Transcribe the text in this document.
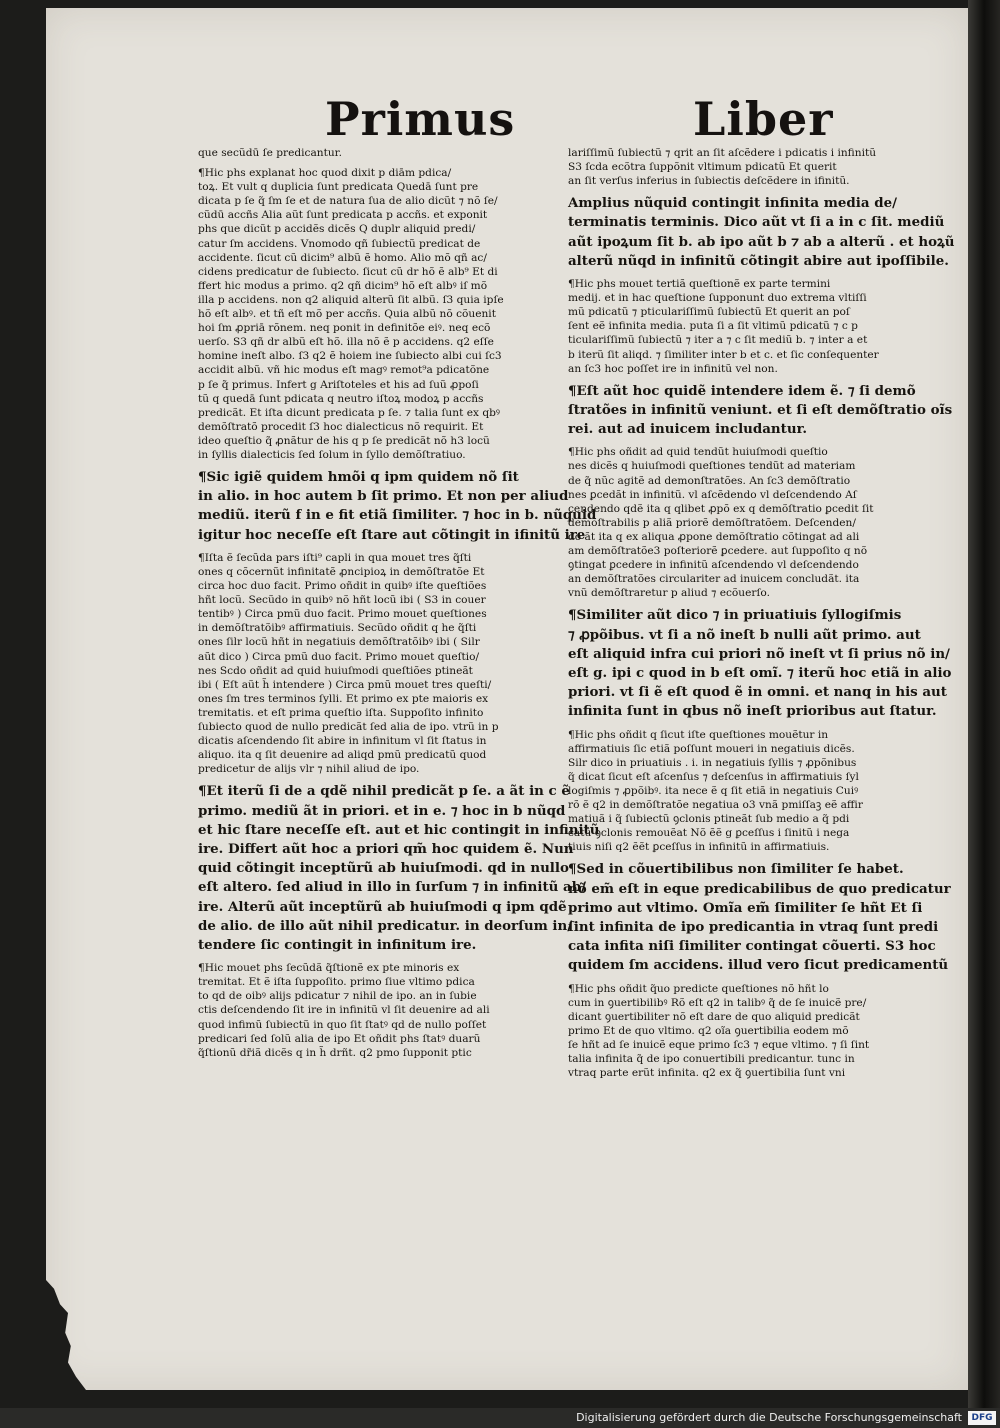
Primus	Liber
que secũdū ſe predicantur.
¶Hic phs explanat hoc quod dixit p diām pdica/
toꝝ. Et vult q duplicia ſunt predicata Quedā ſunt pre
dicata p ſe q̃ ſm ſe et de natura ſua de alio dicũt ⁊ nõ ſe/
cũdū accñs Alia aũt ſunt predicata p accñs. et exponit
phs que dicũt p accidẽs dicẽs Q duplr aliquid predi/
catur ſm accidens. Vnomodo qñ ſubiectũ predicat de
accidente. ſicut cũ dicim⁹ albũ ẽ homo. Alio mõ qñ ac/
cidens predicatur de ſubiecto. ſicut cũ dr hõ ẽ alb⁹ Et di
ffert hic modus a primo. q2 qñ dicim⁹ hõ eſt albꝰ iſ mõ
illa p accidens. non q2 aliquid alterũ ſit albũ. ſ3 quia ipſe
hõ eſt albꝰ. et tñ eſt mõ per accñs. Quia albũ nõ cõuenit
hoi ſm ꝓpriā rõnem. neq ponit in definitõe eiꝰ. neq ecõ
uerſo. S3 qñ dr albũ eſt hõ. illa nõ ẽ p accidens. q2 eſſe
homine ineſt albo. ſ3 q2 ẽ hoiem ine ſubiecto albi cui ſc3
accidit albũ. vñ hic modus eſt magꝰ remot⁹a pdicatõne
p ſe q̃ primus. Infert g Ariſtoteles et his ad ſuũ ꝓpoſi
tũ q quedā ſunt pdicata q neutro iſtoꝝ modoꝝ p accñs
predicãt. Et iſta dicunt predicata p ſe. ⁊ talia ſunt ex qbꝰ
demõſtratõ procedit ſ3 hoc dialecticus nõ requirit. Et
ideo queſtio q̃ ꝓnãtur de his q p ſe predicãt nõ h3 locũ
in ſyllis dialecticis ſed ſolum in ſyllo demõſtratiuo.
¶Sic igiẽ quidem hmõi q ipm quidem nõ ſit
in alio. in hoc autem b ſit primo. Et non per aliud
mediũ. iterũ f in e fit etiã ſimiliter. ⁊ hoc in b. nũquid
igitur hoc neceſſe eſt ſtare aut cõtingit in ifinitũ ire
¶Iſta ẽ ſecũda pars iſti⁹ capli in qua mouet tres q̃ſti
ones q cõcernũt infinitatẽ ꝓncipioꝝ in demõſtratõe Et
circa hoc duo facit. Primo oñdit in quibꝰ iſte queſtiões
hñt locũ. Secũdo in quibꝰ nõ hñt locũ ibi ( S3 in couer
tentibꝰ ) Circa pmũ duo facit. Primo mouet queſtiones
in demõſtratõibꝰ affirmatiuis. Secũdo oñdit q he q̃ſti
ones ſilr locũ hñt in negatiuis demõſtratõibꝰ ibi ( Silr
aũt dico ) Circa pmũ duo facit. Primo mouet queſtio/
nes Scdo oñdit ad quid huiuſmodi queſtiões ptineãt
ibi ( Eſt aũt h̃ intendere ) Circa pmũ mouet tres queſti/
ones ſm tres terminos ſylli. Et primo ex pte maioris ex
tremitatis. et eſt prima queſtio iſta. Suppoſito infinito
ſubiecto quod de nullo predicãt ſed alia de ipo. vtrũ in p
dicatis aſcendendo ſit abire in infinitum vl ſit ſtatus in
aliquo. ita q ſit deuenire ad aliqd pmũ predicatũ quod
predicetur de alijs vlr ⁊ nihil aliud de ipo.
¶Et iterũ ſi de a qdẽ nihil predicãt p ſe. a ãt in c ẽ
primo. mediũ ãt in priori. et in e. ⁊ hoc in b nũqd
et hic ſtare neceſſe eſt. aut et hic contingit in infinitũ
ire. Differt aũt hoc a priori qm̃ hoc quidem ẽ. Nun
quid cõtingit inceptũrũ ab huiuſmodi. qd in nullo
eſt altero. ſed aliud in illo in ſurſum ⁊ in infinitũ ab/
ire. Alterũ aũt inceptũrũ ab huiuſmodi q ipm qdẽ
de alio. de illo aũt nihil predicatur. in deorſum in/
tendere ſic contingit in infinitum ire.
¶Hic mouet phs ſecũdã q̃ſtionẽ ex pte minoris ex
tremitat. Et ẽ iſta ſuppoſito. primo ſiue vltimo pdica
to qd de oibꝰ alijs pdicatur ⁊ nihil de ipo. an in ſubie
ctis deſcendendo ſit ire in infinitũ vl ſit deuenire ad ali
quod infimũ ſubiectũ in quo ſit ſtatꝰ qd de nullo poſſet
predicari ſed ſolũ alia de ipo Et oñdit phs ſtatꝰ duarũ
q̃ſtionũ dr̃iã dicẽs q in h̃ drñt. q2 pmo ſupponit ptic
lariſſimũ ſubiectũ ⁊ qrit an ſit aſcẽdere i pdicatis i infinitũ
S3 ſcda ecõtra ſuppõnit vltimum pdicatũ Et querit
an ſit verſus inferius in ſubiectis deſcẽdere in ifinitũ.
Amplius nũquid contingit infinita media de/
terminatis terminis. Dico aũt vt ſi a in c ſit. mediũ
aũt ipoꝝum ſit b. ab ipo aũt b ⁊ ab a alterũ . et hoꝝũ
alterũ nũqd in infinitũ cõtingit abire aut ipoſſibile.
¶Hic phs mouet tertiã queſtionẽ ex parte termini
medij. et in hac queſtione ſupponunt duo extrema vltiſſi
mũ pdicatũ ⁊ pticulariſſimũ ſubiectũ Et querit an poſ
ſent eẽ infinita media. puta ſi a ſit vltimũ pdicatũ ⁊ c p
ticulariſſimũ ſubiectũ ⁊ iter a ⁊ c ſit mediũ b. ⁊ inter a et
b iterũ ſit aliqd. ⁊ ſimiliter inter b et c. et ſic conſequenter
an ſc3 hoc poſſet ire in infinitũ vel non.
¶Eſt aũt hoc quidẽ intendere idem ẽ. ⁊ ſi demõ
ſtratões in infinitũ veniunt. et ſi eſt demõſtratio oĩs
rei. aut ad inuicem includantur.
¶Hic phs oñdit ad quid tendũt huiuſmodi queſtio
nes dicẽs q huiuſmodi queſtiones tendũt ad materiam
de q̃ nũc agitẽ ad demonſtratões. An ſc3 demõſtratio
nes ꝑcedãt in infinitũ. vl aſcẽdendo vl deſcendendo Aſ
cendendo qdẽ ita q qlibet ꝓpõ ex q demõſtratio ꝑcedit ſit
demõſtrabilis p aliã priorẽ demõſtratõem. Deſcenden/
do ãt ita q ex aliqua ꝓpone demõſtratio cõtingat ad ali
am demõſtratõe3 poſteriorẽ ꝑcedere. aut ſuppoſito q nõ
ꝯtingat ꝑcedere in infinitũ aſcendendo vl deſcendendo
an demõſtratões circulariter ad inuicem concludãt. ita
vnũ demõſtraretur p aliud ⁊ ecõuerſo.
¶Similiter aũt dico ⁊ in priuatiuis ſyllogiſmis
⁊ ꝓpõibus. vt ſi a nõ ineſt b nulli aũt primo. aut
eſt aliquid infra cui priori nõ ineſt vt ſi prius nõ in/
eſt g. ipi c quod in b eſt omĩ. ⁊ iterũ hoc etiã in alio
priori. vt ſi ẽ eſt quod ẽ in omni. et nanq in his aut
infinita ſunt in qbus nõ ineſt prioribus aut ſtatur.
¶Hic phs oñdit q ſicut iſte queſtiones mouẽtur in
affirmatiuis ſic etiã poſſunt moueri in negatiuis dicẽs.
Silr dico in priuatiuis . i. in negatiuis ſyllis ⁊ ꝓpõnibus
q̃ dicat ſicut eſt aſcenſus ⁊ deſcenſus in affirmatiuis ſyl
logiſmis ⁊ ꝓpõibꝰ. ita nece ẽ q ſit etiã in negatiuis Cuiꝰ
rõ ẽ q2 in demõſtratõe negatiua o3 vnã pmiſſaꝫ eẽ affir
matiuã i q̃ ſubiectũ ꝯclonis ptineãt ſub medio a q̃ pdi
catũ ꝯclonis remouẽat Nõ ẽẽ g ꝑceſſus i ſinitũ i nega
tiuis niſi q2 ẽẽt ꝑceſſus in infinitũ in affirmatiuis.
¶Sed in cõuertibilibus non ſimiliter ſe habet.
nõ em̃ eſt in eque predicabilibus de quo predicatur
primo aut vltimo. Omĩa em̃ ſimiliter ſe hñt Et ſi
ſint infinita de ipo predicantia in vtraq ſunt predi
cata infita niſi ſimiliter contingat cõuerti. S3 hoc
quidem ſm accidens. illud vero ſicut predicamentũ
¶Hic phs oñdit q̃uo predicte queſtiones nõ hñt lo
cum in ꝯuertibilibꝰ Rõ eſt q2 in talibꝰ q̃ de ſe inuicẽ pre/
dicant ꝯuertibiliter nõ eſt dare de quo aliquid predicãt
primo Et de quo vltimo. q2 oĩa ꝯuertibilia eodem mõ
ſe hñt ad ſe inuicẽ eque primo ſc3 ⁊ eque vltimo. ⁊ ſi ſint
talia infinita q̃ de ipo conuertibili predicantur. tunc in
vtraq parte erũt infinita. q2 ex q̃ ꝯuertibilia ſunt vni
Digitalisierung gefördert durch die Deutsche Forschungsgemeinschaft	DFG
